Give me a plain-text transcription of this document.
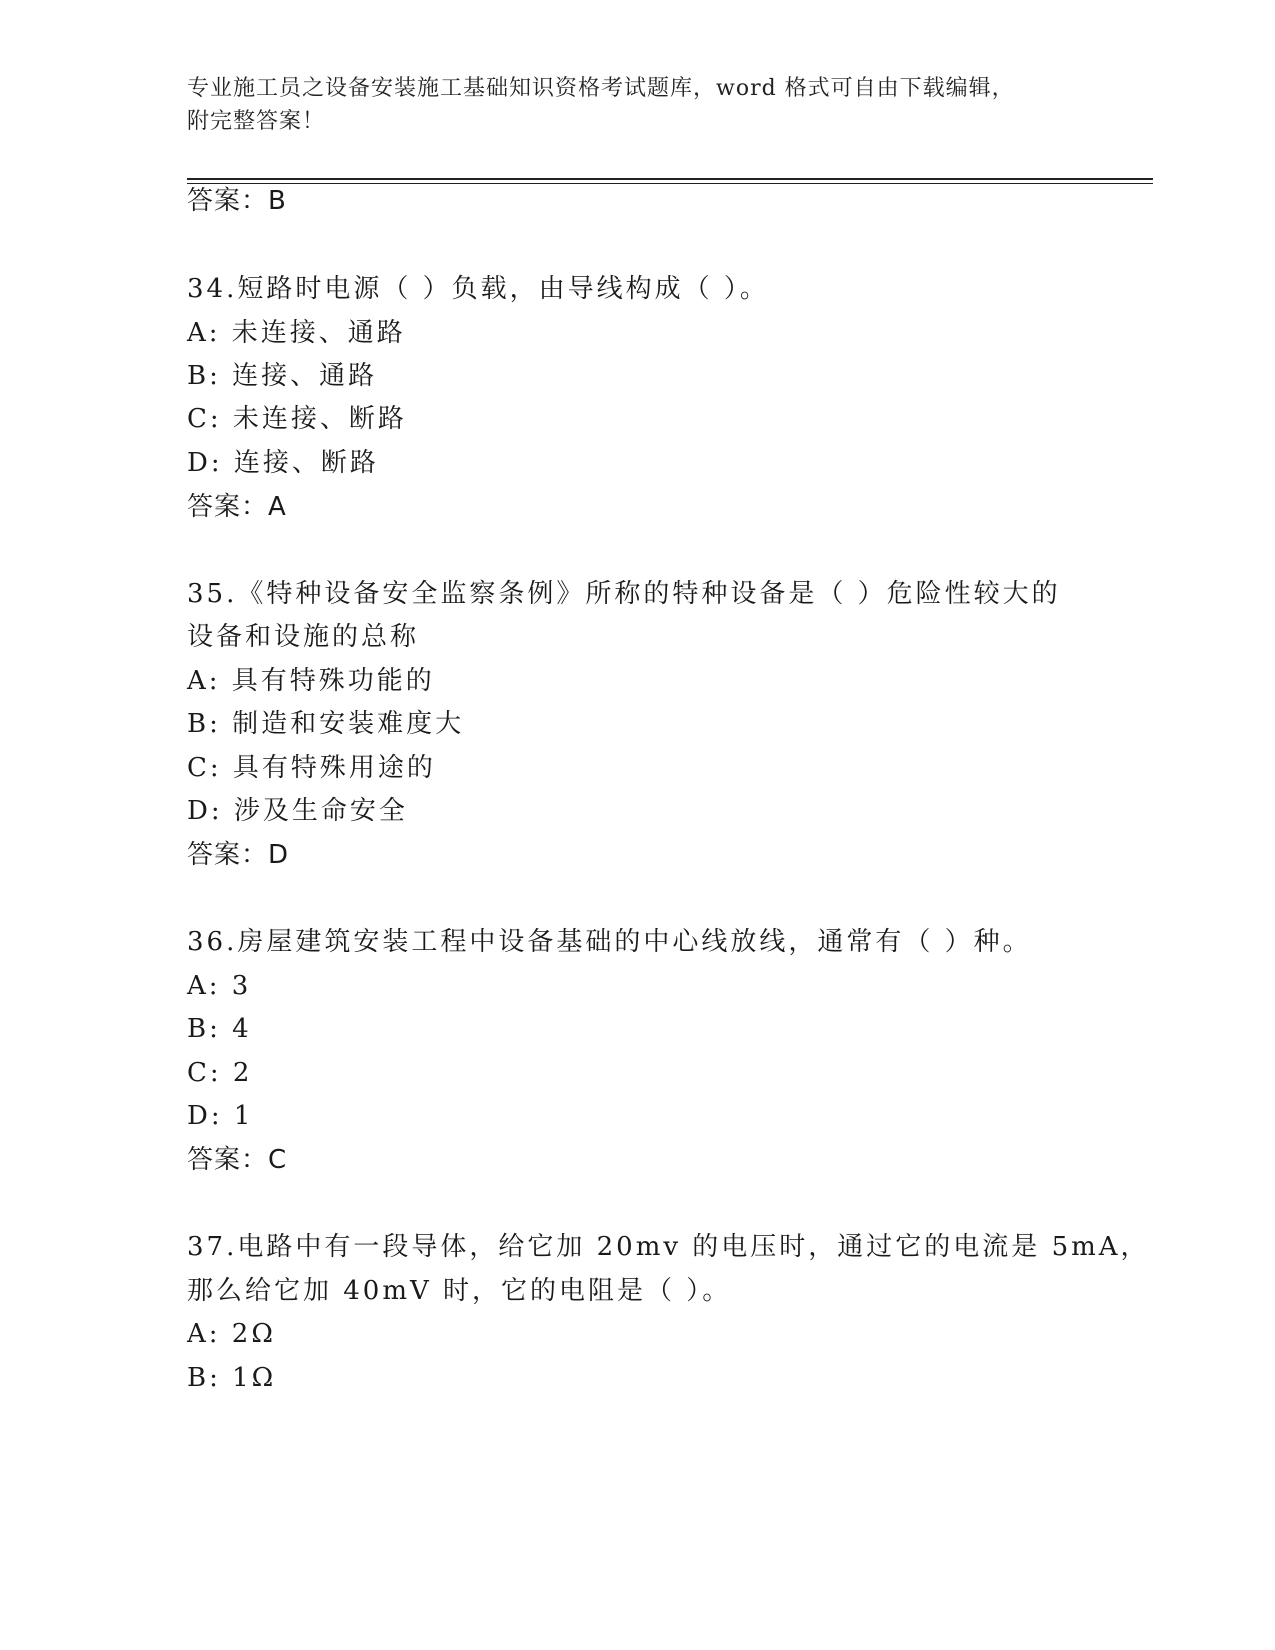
专业施工员之设备安装施工基础知识资格考试题库，word 格式可自由下载编辑，
附完整答案！
答案：B
34.短路时电源（ ）负载，由导线构成（ ）。
A: 未连接、通路
B: 连接、通路
C: 未连接、断路
D: 连接、断路
答案：A
35.《特种设备安全监察条例》所称的特种设备是（ ）危险性较大的
设备和设施的总称
A: 具有特殊功能的
B: 制造和安装难度大
C: 具有特殊用途的
D: 涉及生命安全
答案：D
36.房屋建筑安装工程中设备基础的中心线放线，通常有（ ）种。
A: 3
B: 4
C: 2
D: 1
答案：C
37.电路中有一段导体，给它加 20mv 的电压时，通过它的电流是 5mA，
那么给它加 40mV 时，它的电阻是（ ）。
A: 2Ω
B: 1Ω
